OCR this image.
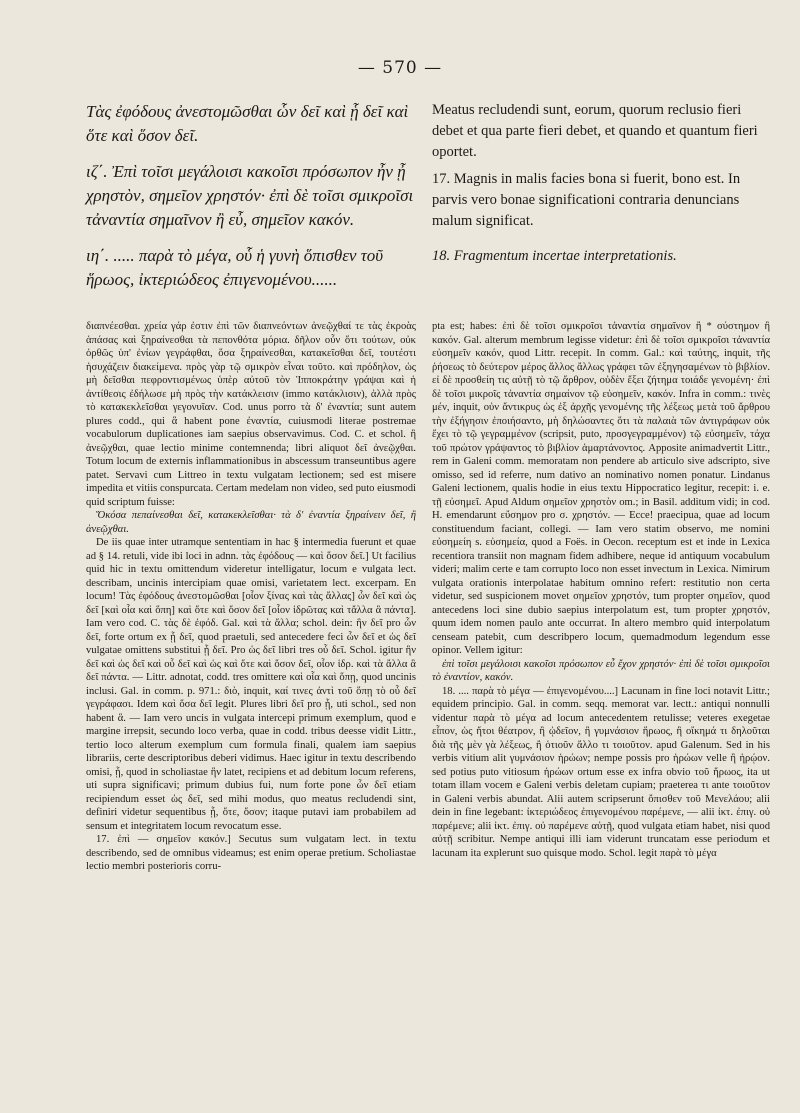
— 570 —

Τὰς ἐφόδους ἀνεστομῶσθαι ὧν δεῖ καὶ ᾗ δεῖ καὶ ὅτε καὶ ὅσον δεῖ.

ιζ΄. Ἐπὶ τοῖσι μεγάλοισι κακοῖσι πρόσωπον ἦν ᾖ χρηστὸν, σημεῖον χρηστόν· ἐπὶ δὲ τοῖσι σμικροῖσι τἀναντία σημαῖνον ἢ εὖ, σημεῖον κακόν.

ιη΄. ..... παρὰ τὸ μέγα, οὗ ἡ γυνὴ ὅπισθεν τοῦ ἥρωος, ἰκτεριώδεος ἐπιγενομένου......

Meatus recludendi sunt, eorum, quorum reclusio fieri debet et qua parte fieri debet, et quando et quantum fieri oportet.

17. Magnis in malis facies bona si fuerit, bono est. In parvis vero bonae significationi contraria denuncians malum significat.

18. Fragmentum incertae interpretationis.

διαπνέεσθαι. χρεία γάρ ἐστιν ἐπὶ τῶν διαπνεόντων ἀνεῷχθαί τε τὰς ἐκροὰς ἁπάσας καὶ ξηραίνεσθαι τὰ πεπονθότα μόρια. δῆλον οὖν ὅτι τούτων, οὐκ ὀρθῶς ὑπ' ἐνίων γεγράφθαι, ὅσα ξηραίνεσθαι, κατακεῖσθαι δεῖ, τουτέστι ἡσυχάζειν διακείμενα. πρὸς γὰρ τῷ σμικρὸν εἶναι τοῦτο. καὶ πρόδηλον, ὡς μὴ δεῖσθαι πεφροντισμένως ὑπὲρ αὐτοῦ τὸν Ἱπποκράτην γράψαι καὶ ἡ ἀντίθεσις ἐδήλωσε μὴ πρὸς τὴν κατάκλεισιν (immo κατάκλισιν), ἀλλὰ πρὸς τὸ κατακεκλεῖσθαι γεγονυῖαν. Cod. unus porro τὰ δ' ἐναντία; sunt autem plures codd., qui ἃ habent pone ἐναντία, cuiusmodi literae postremae vocabulorum duplicationes iam saepius observavimus. Cod. C. et schol. ἢ ἀνεῷχθαι, quae lectio minime contemnenda; libri aliquot δεῖ ἀνεῷχθαι. Totum locum de externis inflammationibus in abscessum transeuntibus agere patet. Servavi cum Littreo in textu vulgatam lectionem; sed est misere impedita et vitiis conspurcata. Certam medelam non video, sed puto eiusmodi quid scriptum fuisse:

Ὅκόσα πεπαίνεσθαι δεῖ, κατακεκλεῖσθαι· τὰ δ' ἐναντία ξηραίνειν δεῖ, ἢ ἀνεῷχθαι.

De iis quae inter utramque sententiam in hac § intermedia fuerunt et quae ad § 14. retuli, vide ibi loci in adnn. τὰς ἐφόδους — καὶ ὅσον δεῖ.] Ut facilius quid hic in textu omittendum videretur intelligatur, locum e vulgata lect. describam, uncinis intercipiam quae omisi, varietatem lect. excerpam. En locum! Τὰς ἐφόδους ἀνεστομῶσθαι [οἷον ξίνας καὶ τὰς ἄλλας] ὧν δεῖ καὶ ὡς δεῖ [καὶ οἷα καὶ ὅπη] καὶ ὅτε καὶ ὅσον δεῖ [οἷον ἱδρῶτας καὶ τἄλλα ἃ πάντα]. Iam vero cod. C. τὰς δὲ ἐφόδ. Gal. καὶ τὰ ἄλλα; schol. dein: ἣν δεῖ pro ὧν δεῖ, forte ortum ex ᾗ δεῖ, quod praetuli, sed antecedere feci ὧν δεῖ et ὡς δεῖ vulgatae omittens substitui ᾗ δεῖ. Pro ὡς δεῖ libri tres οὗ δεῖ. Schol. igitur ἣν δεῖ καὶ ὡς δεῖ καὶ οὗ δεῖ καὶ ὡς καὶ ὅτε καὶ ὅσον δεῖ, οἷον ἱδρ. καὶ τὰ ἄλλα ἃ δεῖ πάντα. — Littr. adnotat, codd. tres omittere καὶ οἷα καὶ ὅπῃ, quod uncinis inclusi. Gal. in comm. p. 971.: διὸ, inquit, καί τινες ἀντὶ τοῦ ὅπῃ τὸ οὗ δεῖ γεγράφασι. Idem καὶ ὅσα δεῖ legit. Plures libri δεῖ pro ᾗ, uti schol., sed non habent ἃ. — Iam vero uncis in vulgata intercepi primum exemplum, quod e margine irrepsit, secundo loco verba, quae in codd. tribus deesse vidit Littr., tertio loco alterum exemplum cum formula finali, qualem iam saepius librariis, certe descriptoribus deberi vidimus. Haec igitur in textu describendo omisi, ᾗ, quod in scholiastae ἣν latet, recipiens et ad debitum locum referens, uti supra significavi; primum dubius fui, num forte pone ὧν δεῖ etiam recipiendum esset ὡς δεῖ, sed mihi modus, quo meatus recludendi sint, definiri videtur sequentibus ᾗ, ὅτε, ὅσον; itaque putavi iam probabilem ad sensum et integritatem locum revocatum esse.

17. ἐπὶ — σημεῖον κακόν.] Secutus sum vulgatam lect. in textu describendo, sed de omnibus videamus; est enim operae pretium. Scholiastae lectio membri posterioris corru-

pta est; habes: ἐπὶ δὲ τοῖσι σμικροῖσι τἀναντία σημαῖνον ἢ * σύστημον ἢ κακόν. Gal. alterum membrum legisse videtur: ἐπὶ δὲ τοῖσι σμικροῖσι τἀναντία εὐσημεῖν κακόν, quod Littr. recepit. In comm. Gal.: καὶ ταύτης, inquit, τῆς ῥήσεως τὸ δεύτερον μέρος ἄλλος ἄλλως γράφει τῶν ἐξηγησαμένων τὸ βιβλίον. εἰ δὲ προσθείη τις αὐτῇ τὸ τῷ ἄρθρον, οὐδὲν ἕξει ζήτημα τοιάδε γενομένη· ἐπὶ δὲ τοῖσι μικροῖς τἀναντία σημαίνον τῷ εὐσημεῖν, κακόν. Infra in comm.: τινὲς μέν, inquit, οὐν ἄντικρυς ὡς ἐξ ἀρχῆς γενομένης τῆς λέξεως μετὰ τοῦ ἄρθρου τὴν ἐξήγησιν ἐποιήσαντο, μὴ δηλώσαντες ὅτι τὰ παλαιὰ τῶν ἀντιγράφων οὐκ ἔχει τὸ τῷ γεγραμμένον (scripsit, puto, προσγεγραμμένον) τῷ εὐσημεῖν, τάχα τοῦ πρώτον γράψαντος τὸ βιβλίον ἁμαρτάνοντος. Apposite animadvertit Littr., rem in Galeni comm. memoratam non pendere ab articulo sive adscripto, sive omisso, sed id referre, num dativo an nominativo nomen ponatur. Lindanus Galeni lectionem, qualis hodie in eius textu Hippocratico legitur, recepit: i. e. τῇ εὐσημεῖ. Apud Aldum σημεῖον χρηστὸν om.; in Basil. additum vidi; in cod. H. emendarunt εὔσημον pro σ. χρηστόν. — Ecce! praecipua, quae ad locum constituendum faciant, collegi. — Iam vero statim observo, me nomini εὐσημείη s. εὐσημεία, quod a Foës. in Oecon. receptum est et inde in Lexica recentiora transiit non magnam fidem adhibere, neque id antiquum vocabulum videri; malim certe e tam corrupto loco non esset invectum in Lexica. Nimirum vulgata orationis interpolatae habitum omnino refert: restitutio non certa videtur, sed suspicionem movet σημεῖον χρηστόν, tum propter σημεῖον, quod antecedens loci sine dubio saepius interpolatum est, tum propter χρηστόν, quum idem nomen paulo ante occurrat. In altero membro quid interpolatum censeam patebit, cum describpero locum, quemadmodum legendum esse opinor. Vellem igitur:

ἐπὶ τοῖσι μεγάλοισι κακοῖσι πρόσωπον εὖ ἔχον χρηστόν· ἐπὶ δὲ τοῖσι σμικροῖσι τὸ ἐναντίον, κακόν.

18. .... παρὰ τὸ μέγα — ἐπιγενομένου....] Lacunam in fine loci notavit Littr.; equidem principio. Gal. in comm. seqq. memorat var. lectt.: antiqui nonnulli videntur παρὰ τὸ μέγα ad locum antecedentem retulisse; veteres exegetae εἶπον, ὡς ἤτοι θέατρον, ἢ ᾠδεῖον, ἢ γυμνάσιον ἥρωος, ἢ οἴκημά τι δηλοῦται διὰ τῆς μὲν γὰ λέξεως, ἢ ὁτιοῦν ἄλλο τι τοιοῦτον. apud Galenum. Sed in his verbis vitium alit γυμνάσιον ἡρώων; nempe possis pro ἡρώων velle ἢ ἡρῴον. sed potius puto vitiosum ἡρώων ortum esse ex infra obvio τοῦ ἥρωος, ita ut totam illam vocem e Galeni verbis deletam cupiam; praeterea τι ante τοιοῦτον in Galeni verbis abundat. Alii autem scripserunt ὄπισθεν τοῦ Μενελάου; alii dein in fine legebant: ἰκτεριώδεος ἐπιγενομένου παρέμενε, — alii ἰκτ. ἐπιγ. οὐ παρέμενε; alii ἰκτ. ἐπιγ. οὐ παρέμενε αὐτῇ, quod vulgata etiam habet, nisi quod αὐτῇ scribitur. Nempe antiqui illi iam viderunt truncatam esse periodum et lacunam ita explerunt suo quisque modo. Schol. legit παρὰ τὸ μέγα
